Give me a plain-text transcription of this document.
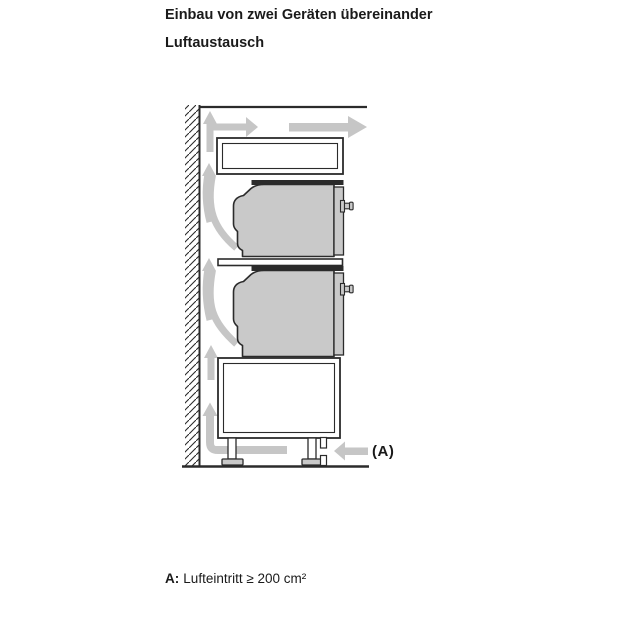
Einbau von zwei Geräten übereinander
Luftaustausch
(A)

A: Lufteintritt ≥ 200 cm²
